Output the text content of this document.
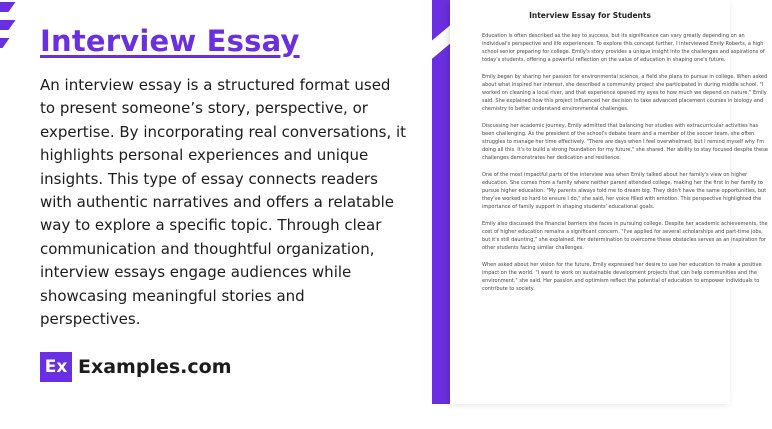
Interview Essay

An interview essay is a structured format used to present someone’s story, perspective, or expertise. By incorporating real conversations, it highlights personal experiences and unique insights. This type of essay connects readers with authentic narratives and offers a relatable way to explore a specific topic. Through clear communication and thoughtful organization, interview essays engage audiences while showcasing meaningful stories and perspectives.

Ex Examples.com
Interview Essay for Students

Education is often described as the key to success, but its significance can vary greatly depending on an individual's perspective and life experiences. To explore this concept further, I interviewed Emily Roberts, a high school senior preparing for college. Emily's story provides a unique insight into the challenges and aspirations of today's students, offering a powerful reflection on the value of education in shaping one's future.

Emily began by sharing her passion for environmental science, a field she plans to pursue in college. When asked about what inspired her interest, she described a community project she participated in during middle school. "I worked on cleaning a local river, and that experience opened my eyes to how much we depend on nature," Emily said. She explained how this project influenced her decision to take advanced placement courses in biology and chemistry to better understand environmental challenges.

Discussing her academic journey, Emily admitted that balancing her studies with extracurricular activities has been challenging. As the president of the school's debate team and a member of the soccer team, she often struggles to manage her time effectively. "There are days when I feel overwhelmed, but I remind myself why I'm doing all this. It's to build a strong foundation for my future," she shared. Her ability to stay focused despite these challenges demonstrates her dedication and resilience.

One of the most impactful parts of the interview was when Emily talked about her family's view on higher education. She comes from a family where neither parent attended college, making her the first in her family to pursue higher education. "My parents always told me to dream big. They didn't have the same opportunities, but they've worked so hard to ensure I do," she said, her voice filled with emotion. This perspective highlighted the importance of family support in shaping students' educational goals.

Emily also discussed the financial barriers she faces in pursuing college. Despite her academic achievements, the cost of higher education remains a significant concern. "I've applied for several scholarships and part-time jobs, but it's still daunting," she explained. Her determination to overcome these obstacles serves as an inspiration for other students facing similar challenges.

When asked about her vision for the future, Emily expressed her desire to use her education to make a positive impact on the world. "I want to work on sustainable development projects that can help communities and the environment," she said. Her passion and optimism reflect the potential of education to empower individuals to contribute to society.
